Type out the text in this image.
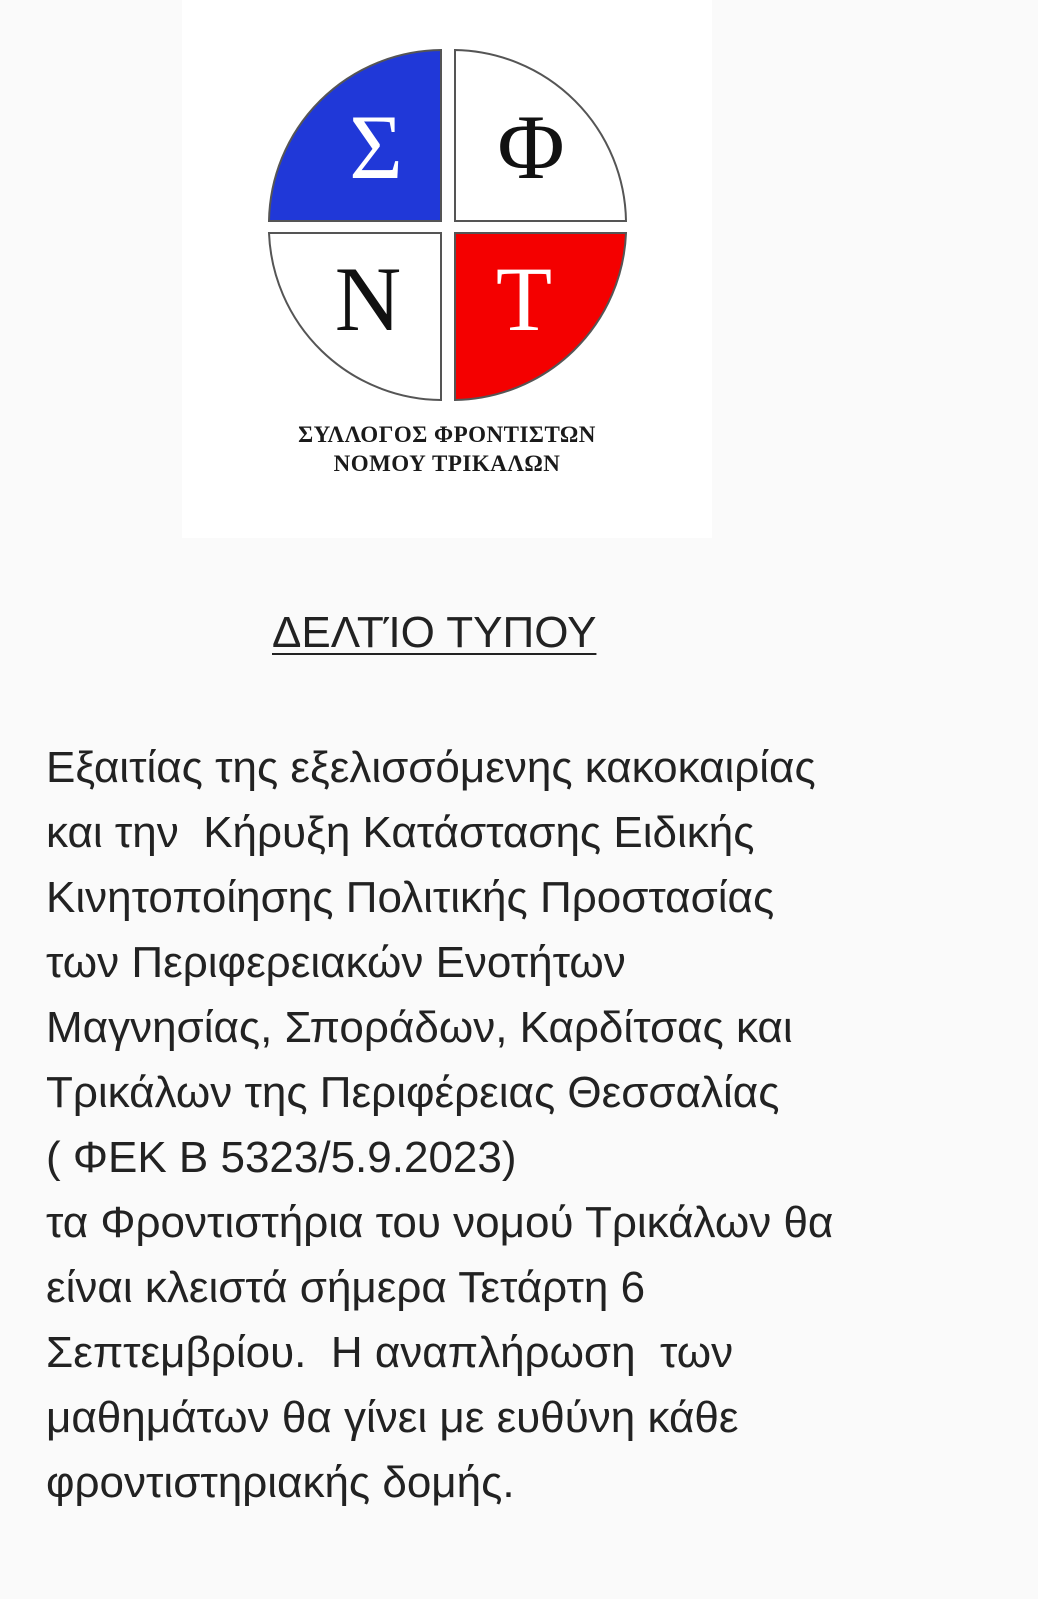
Σ Φ
Ν Τ
ΣΥΛΛΟΓΟΣ ΦΡΟΝΤΙΣΤΩΝ
ΝΟΜΟΥ ΤΡΙΚΑΛΩΝ
ΔΕΛΤΊΟ ΤΥΠΟΥ
Εξαιτίας της εξελισσόμενης κακοκαιρίας
και την  Κήρυξη Κατάστασης Ειδικής
Κινητοποίησης Πολιτικής Προστασίας
των Περιφερειακών Ενοτήτων
Μαγνησίας, Σποράδων, Καρδίτσας και
Τρικάλων της Περιφέρειας Θεσσαλίας
( ΦΕΚ Β 5323/5.9.2023)
τα Φροντιστήρια του νομού Τρικάλων θα
είναι κλειστά σήμερα Τετάρτη 6
Σεπτεμβρίου.  Η αναπλήρωση  των
μαθημάτων θα γίνει με ευθύνη κάθε
φροντιστηριακής δομής.
